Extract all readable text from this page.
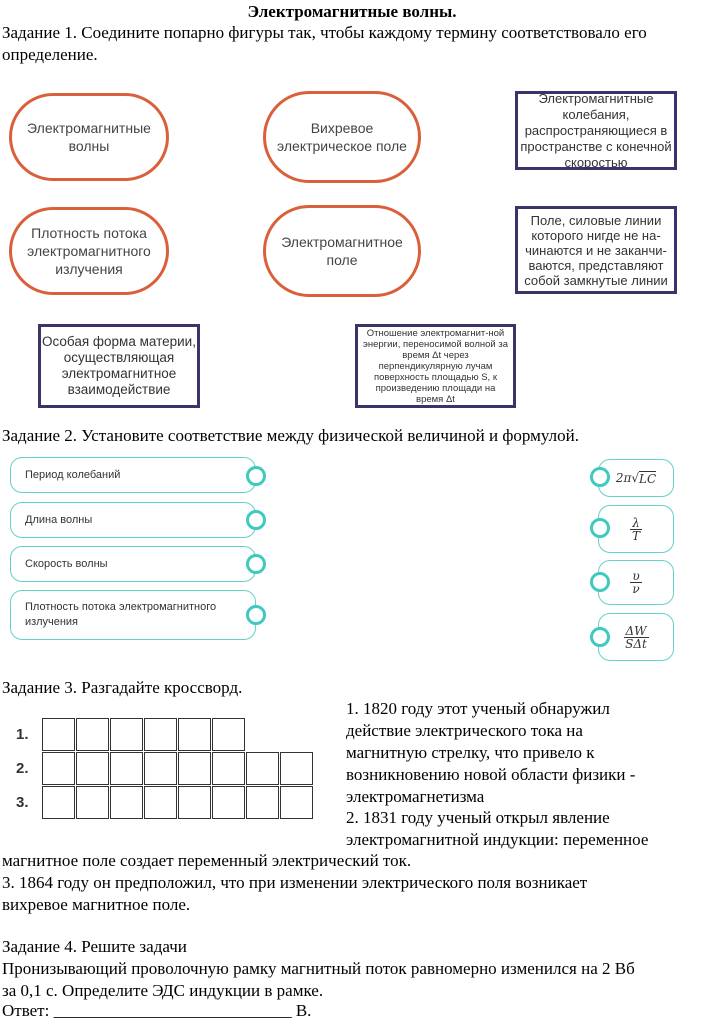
Электромагнитные волны.
Задание 1. Соедините попарно фигуры так, чтобы каждому термину соответствовало его определение.
Электромагнитные волны
Вихревое электрическое поле
Плотность потока электромагнитного излучения
Электромагнитное поле
Электромагнитные колебания, распространяющиеся в пространстве с конечной скоростью
Поле, силовые линии которого нигде не на-чинаются и не заканчи-ваются, представляют собой замкнутые линии
Особая форма материи, осуществляющая электромагнитное взаимодействие
Отношение электромагнит-ной энергии, переносимой волной за время Δt через перпендикулярную лучам поверхность площадью S, к произведению площади на время Δt
Задание 2. Установите соответствие между физической величиной и формулой.
Период колебаний
Длина волны
Скорость волны
Плотность потока электромагнитного излучения
2π √ LC
$\frac{\lambda}{T}$
$\frac{\upsilon}{\nu}$
$\frac{\Delta W}{\text{SΔt}}$
Задание 3. Разгадайте кроссворд.
1.
2.
3.
1. 1820 году этот ученый обнаружил
действие электрического тока на
магнитную стрелку, что привело к
возникновению новой области физики -
электромагнетизма
2. 1831 году ученый открыл явление
электромагнитной индукции: переменное
магнитное поле создает переменный электрический ток.
3. 1864 году он предположил, что при изменении электрического поля возникает
вихревое магнитное поле.
Задание 4. Решите задачи
Пронизывающий проволочную рамку магнитный поток равномерно изменился на 2 Вб
за 0,1 с. Определите ЭДС индукции в рамке.
Ответ: ____________________________ В.
